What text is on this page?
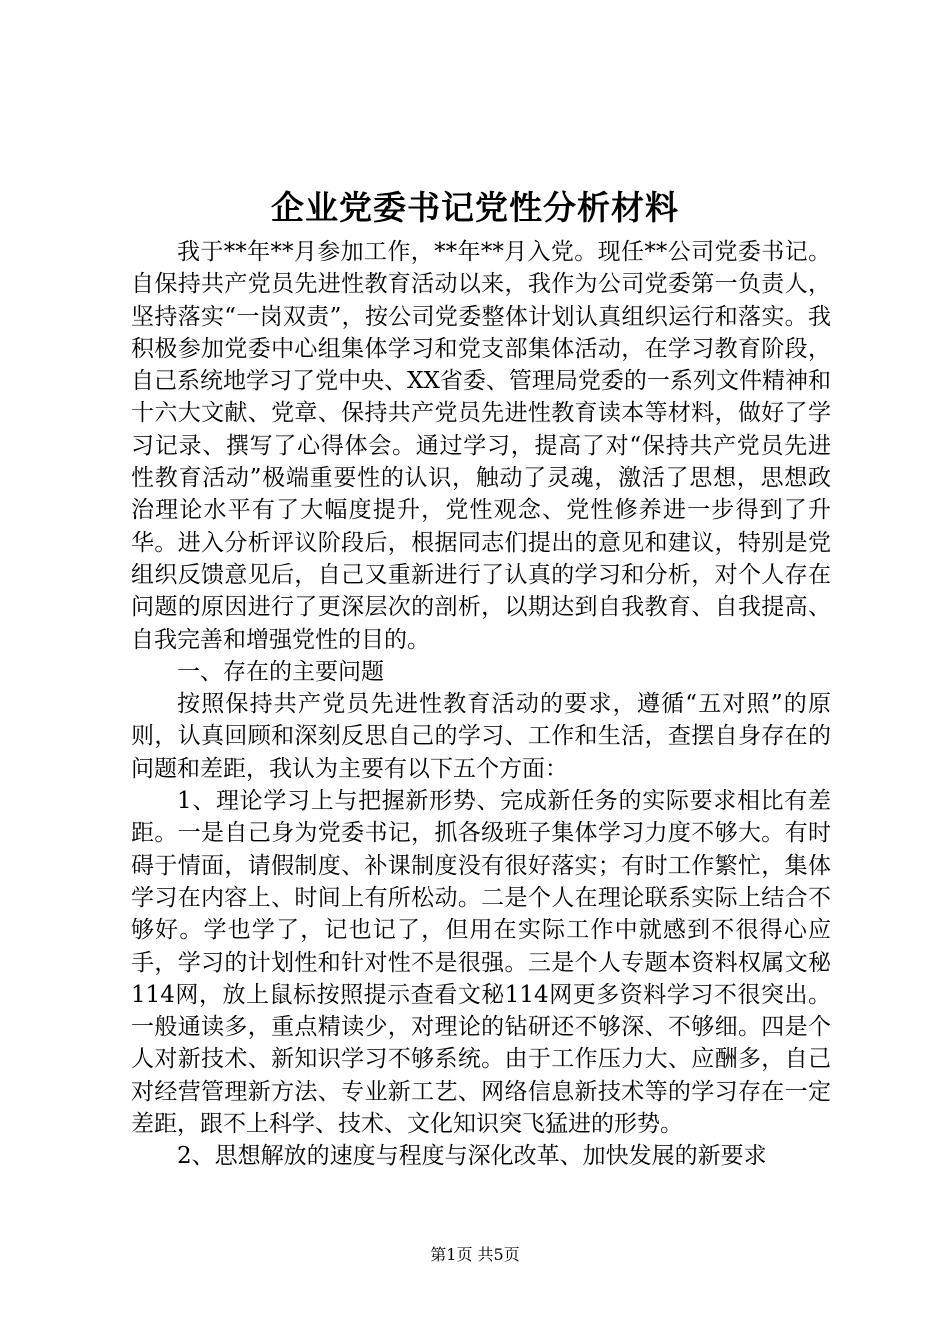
企业党委书记党性分析材料

我于**年**月参加工作，**年**月入党。现任**公司党委书记。自保持共产党员先进性教育活动以来，我作为公司党委第一负责人，坚持落实“一岗双责”，按公司党委整体计划认真组织运行和落实。我积极参加党委中心组集体学习和党支部集体活动，在学习教育阶段，自己系统地学习了党中央、XX省委、管理局党委的一系列文件精神和十六大文献、党章、保持共产党员先进性教育读本等材料，做好了学习记录、撰写了心得体会。通过学习，提高了对“保持共产党员先进性教育活动”极端重要性的认识，触动了灵魂，激活了思想，思想政治理论水平有了大幅度提升，党性观念、党性修养进一步得到了升华。进入分析评议阶段后，根据同志们提出的意见和建议，特别是党组织反馈意见后，自己又重新进行了认真的学习和分析，对个人存在问题的原因进行了更深层次的剖析，以期达到自我教育、自我提高、自我完善和增强党性的目的。

一、存在的主要问题

按照保持共产党员先进性教育活动的要求，遵循“五对照”的原则，认真回顾和深刻反思自己的学习、工作和生活，查摆自身存在的问题和差距，我认为主要有以下五个方面：

1、理论学习上与把握新形势、完成新任务的实际要求相比有差距。一是自己身为党委书记，抓各级班子集体学习力度不够大。有时碍于情面，请假制度、补课制度没有很好落实；有时工作繁忙，集体学习在内容上、时间上有所松动。二是个人在理论联系实际上结合不够好。学也学了，记也记了，但用在实际工作中就感到不很得心应手，学习的计划性和针对性不是很强。三是个人专题本资料权属文秘114网，放上鼠标按照提示查看文秘114网更多资料学习不很突出。一般通读多，重点精读少，对理论的钻研还不够深、不够细。四是个人对新技术、新知识学习不够系统。由于工作压力大、应酬多，自己对经营管理新方法、专业新工艺、网络信息新技术等的学习存在一定差距，跟不上科学、技术、文化知识突飞猛进的形势。

2、思想解放的速度与程度与深化改革、加快发展的新要求

第1页 共5页
